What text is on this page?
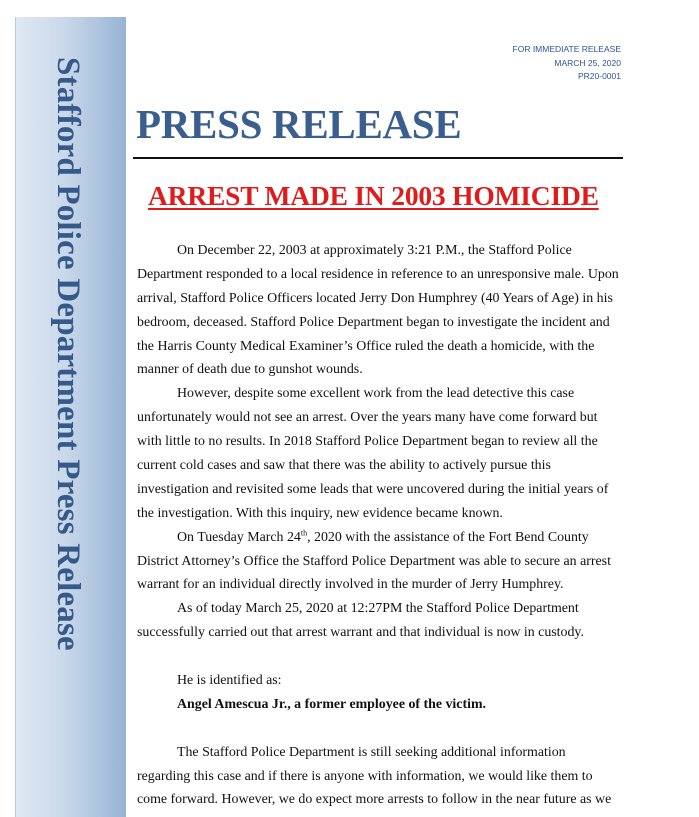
Stafford Police Department Press Release
FOR IMMEDIATE RELEASE
MARCH 25, 2020
PR20-0001
PRESS RELEASE
ARREST MADE IN 2003 HOMICIDE
On December 22, 2003 at approximately 3:21 P.M., the Stafford Police
Department responded to a local residence in reference to an unresponsive male. Upon
arrival, Stafford Police Officers located Jerry Don Humphrey (40 Years of Age) in his
bedroom, deceased. Stafford Police Department began to investigate the incident and
the Harris County Medical Examiner’s Office ruled the death a homicide, with the
manner of death due to gunshot wounds.
However, despite some excellent work from the lead detective this case
unfortunately would not see an arrest. Over the years many have come forward but
with little to no results. In 2018 Stafford Police Department began to review all the
current cold cases and saw that there was the ability to actively pursue this
investigation and revisited some leads that were uncovered during the initial years of
the investigation. With this inquiry, new evidence became known.
On Tuesday March 24th, 2020 with the assistance of the Fort Bend County
District Attorney’s Office the Stafford Police Department was able to secure an arrest
warrant for an individual directly involved in the murder of Jerry Humphrey.
As of today March 25, 2020 at 12:27PM the Stafford Police Department
successfully carried out that arrest warrant and that individual is now in custody.
He is identified as:
Angel Amescua Jr., a former employee of the victim.
The Stafford Police Department is still seeking additional information
regarding this case and if there is anyone with information, we would like them to
come forward. However, we do expect more arrests to follow in the near future as we
